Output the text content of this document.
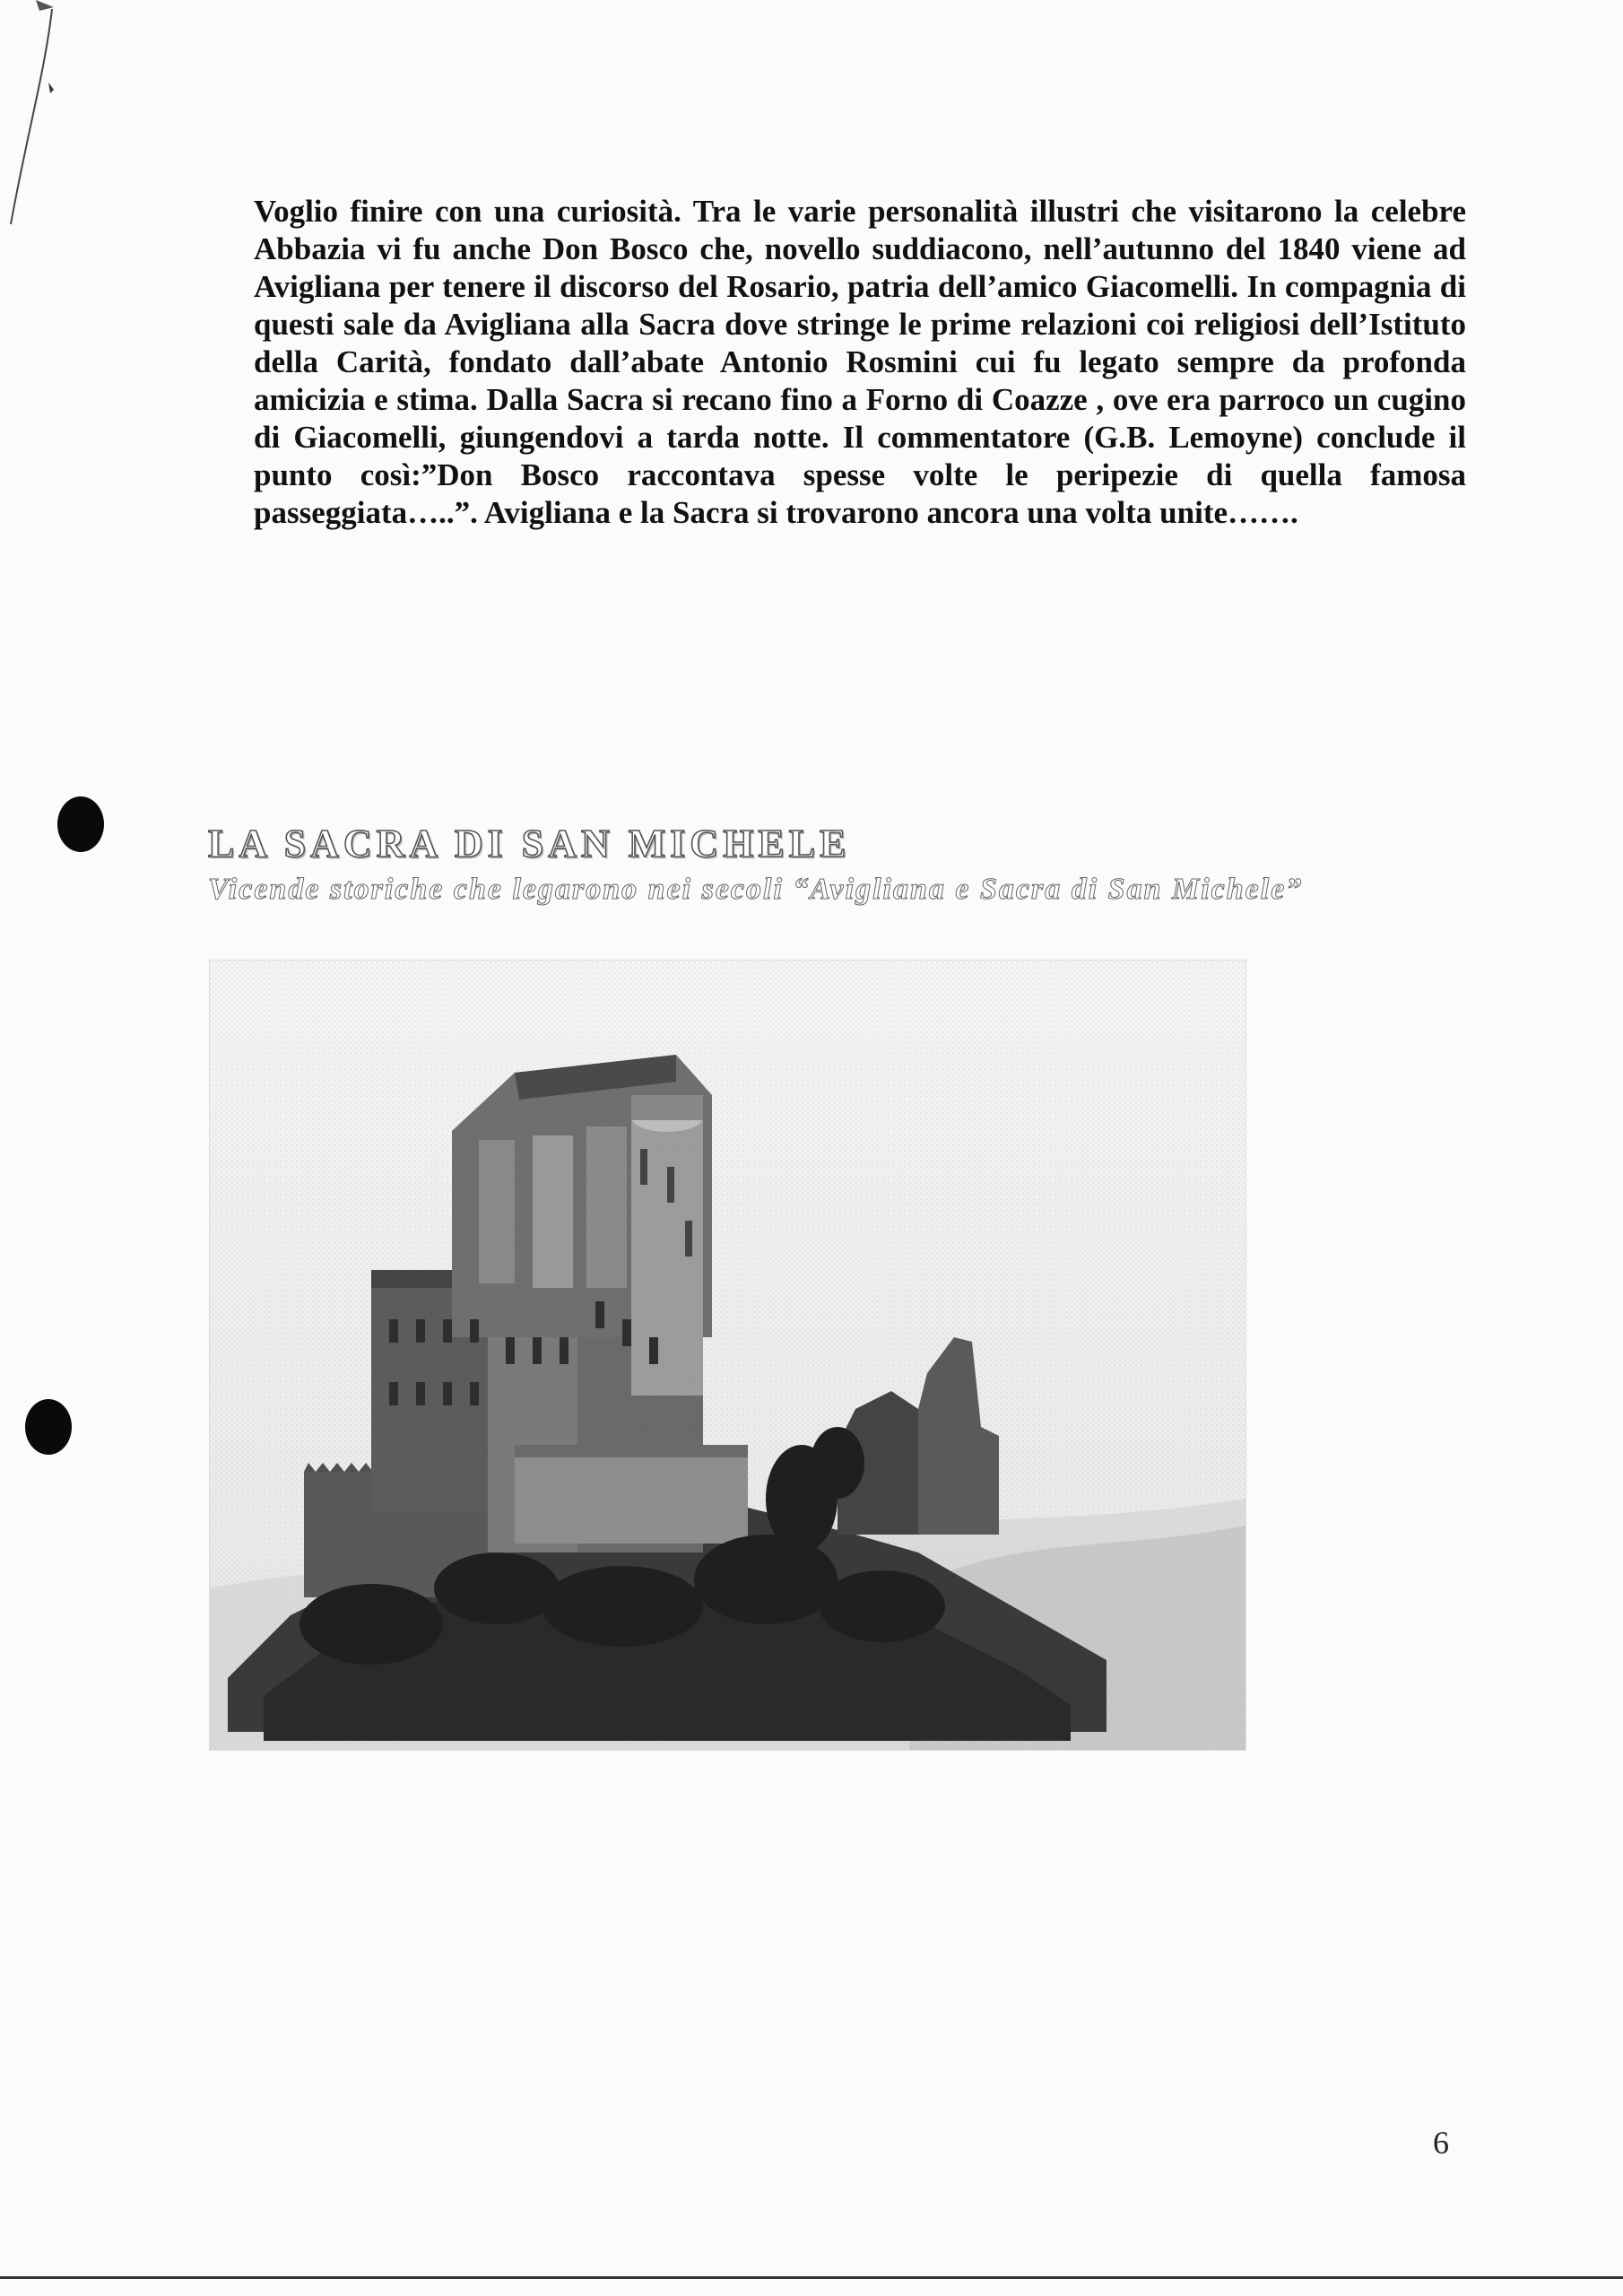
Voglio finire con una curiosità. Tra le varie personalità illustri che visitarono la celebre Abbazia vi fu anche Don Bosco che, novello suddiacono, nell’autunno del 1840 viene ad Avigliana per tenere il discorso del Rosario, patria dell’amico Giacomelli. In compagnia di questi sale da Avigliana alla Sacra dove stringe le prime relazioni coi religiosi dell’Istituto della Carità, fondato dall’abate Antonio Rosmini cui fu legato sempre da profonda amicizia e stima. Dalla Sacra si recano fino a Forno di Coazze , ove era parroco un cugino di Giacomelli, giungendovi a tarda notte. Il commentatore (G.B. Lemoyne) conclude il punto così:”Don Bosco raccontava spesse volte le peripezie di quella famosa passeggiata…..”. Avigliana e la Sacra si trovarono ancora una volta unite…….
LA SACRA DI SAN MICHELE
Vicende storiche che legarono nei secoli “Avigliana e Sacra di San Michele”
6
